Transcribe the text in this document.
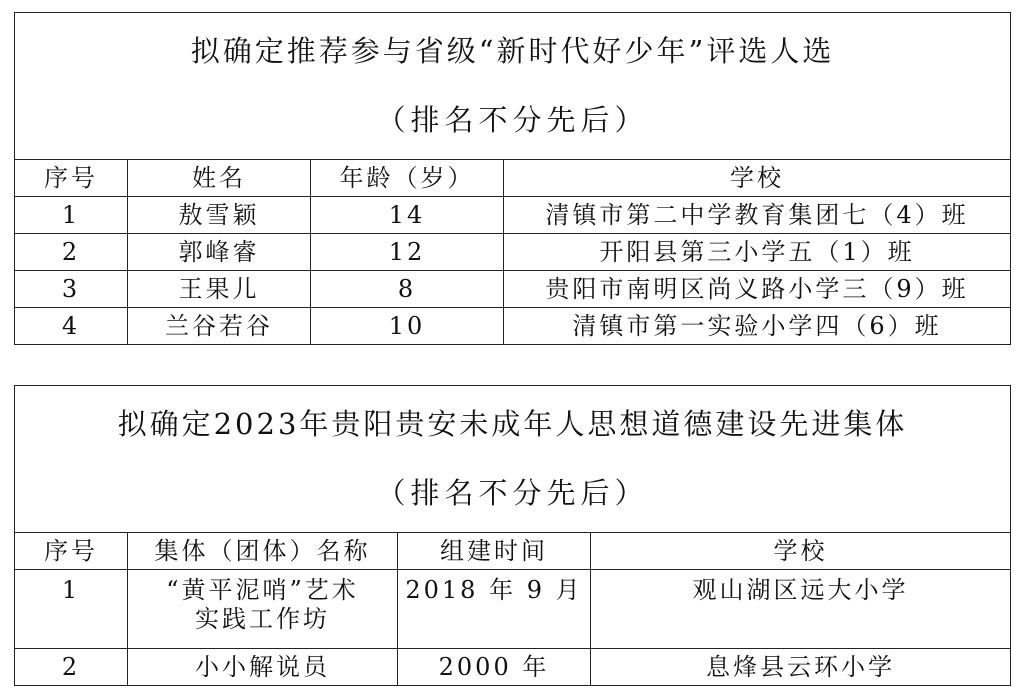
拟确定推荐参与省级“新时代好少年”评选人选
（排名不分先后）			

序号	姓名	年龄（岁）	学校
1	敖雪颖	14	清镇市第二中学教育集团七（4）班
2	郭峰睿	12	开阳县第三小学五（1）班
3	王果儿	8	贵阳市南明区尚义路小学三（9）班
4	兰谷若谷	10	清镇市第一实验小学四（6）班
拟确定2023年贵阳贵安未成年人思想道德建设先进集体
（排名不分先后）			

序号	集体（团体）名称	组建时间	学校
1	“黄平泥哨”艺术
实践工作坊	2018 年 9 月	观山湖区远大小学
2	小小解说员	2000 年	息烽县云环小学
